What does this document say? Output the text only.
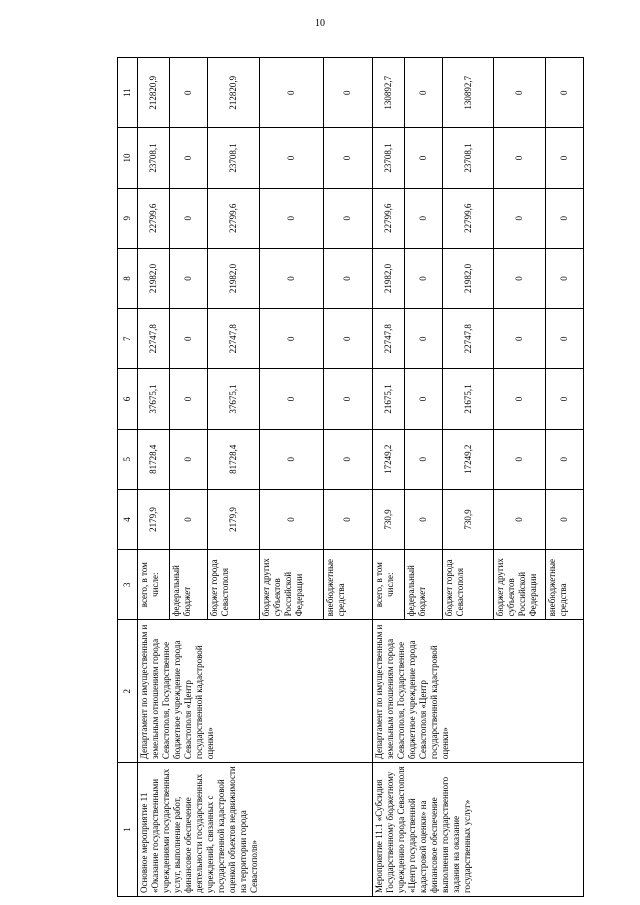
10
1	2	3	4	5	6	7	8	9	10	11
Основное мероприятие 11 «Оказание государственными учреждениями государственных услуг, выполнение работ, финансовое обеспечение деятельности государственных учреждений, связанных с государственной кадастровой оценкой объектов недвижимости на территории города Севастополя»	Департамент по имущественным и земельным отношениям города Севастополя, Государственное бюджетное учреждение города Севастополя «Центр государственной кадастровой оценки»	всего, в том числе:	2179,9	81728,4	37675,1	22747,8	21982,0	22799,6	23708,1	212820,9
		федеральный бюджет	0	0	0	0	0	0	0	0
		бюджет города Севастополя	2179,9	81728,4	37675,1	22747,8	21982,0	22799,6	23708,1	212820,9
		бюджет других субъектов Российской Федерации	0	0	0	0	0	0	0	0
		внебюджетные средства	0	0	0	0	0	0	0	0
Мероприятие 11.1 «Субсидия Государственному бюджетному учреждению города Севастополя «Центр государственной кадастровой оценки» на финансовое обеспечение выполнения государственного задания на оказание государственных услуг»	Департамент по имущественным и земельным отношениям города Севастополя, Государственное бюджетное учреждение города Севастополя «Центр государственной кадастровой оценки»	всего, в том числе:	730,9	17249,2	21675,1	22747,8	21982,0	22799,6	23708,1	130892,7
		федеральный бюджет	0	0	0	0	0	0	0	0
		бюджет города Севастополя	730,9	17249,2	21675,1	22747,8	21982,0	22799,6	23708,1	130892,7
		бюджет других субъектов Российской Федерации	0	0	0	0	0	0	0	0
		внебюджетные средства	0	0	0	0	0	0	0	0
